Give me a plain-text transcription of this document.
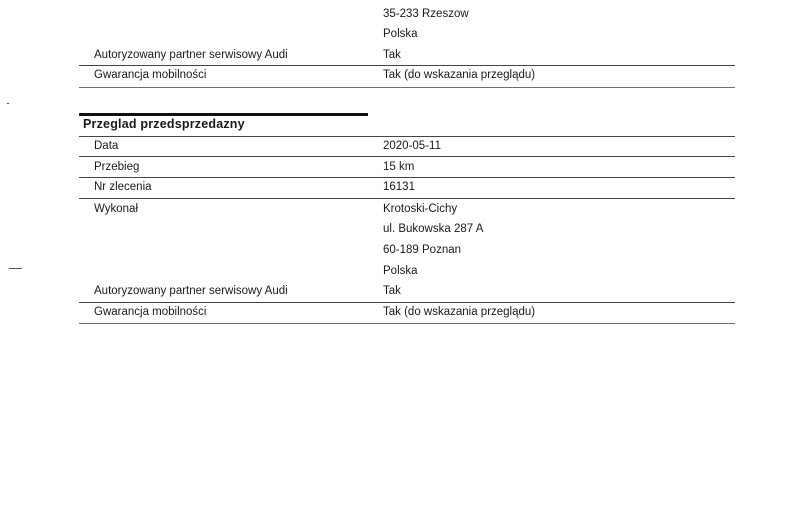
35-233 Rzeszow
Polska
Autoryzowany partner serwisowy Audi	Tak
Gwarancja mobilności	Tak (do wskazania przeglądu)
Przeglad przedsprzedazny
Data	2020-05-11
Przebieg	15 km
Nr zlecenia	16131
Wykonał	Krotoski-Cichy
ul. Bukowska 287 A
60-189 Poznan
Polska
Autoryzowany partner serwisowy Audi	Tak
Gwarancja mobilności	Tak (do wskazania przeglądu)
